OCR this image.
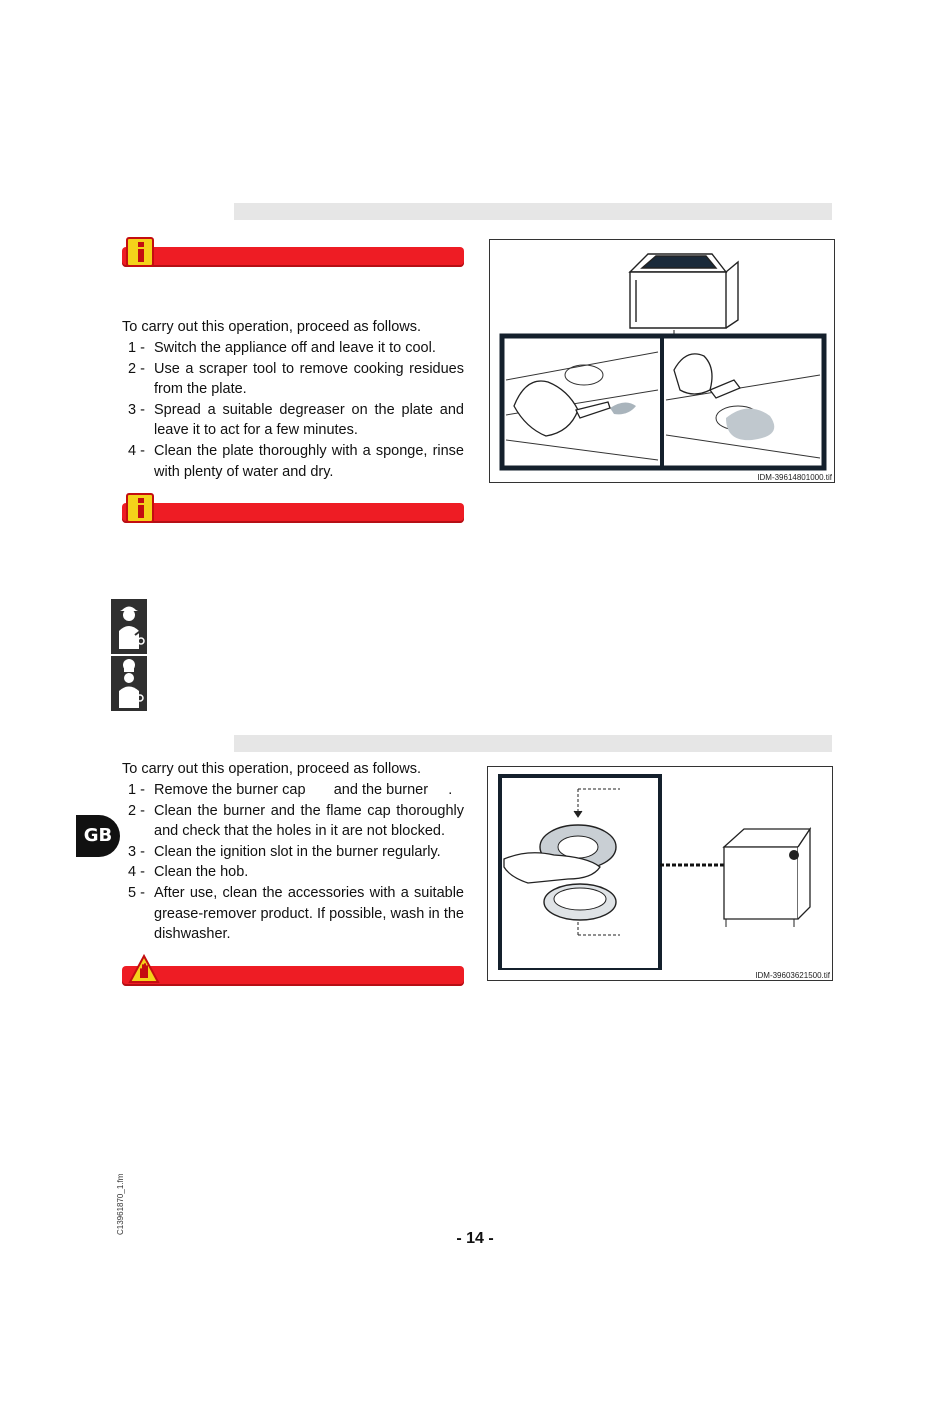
To carry out this operation, proceed as follows.
1 - Switch the appliance off and leave it to cool.
2 - Use a scraper tool to remove cooking residues from the plate.
3 - Spread a suitable degreaser on the plate and leave it to act for a few minutes.
4 - Clean the plate thoroughly with a sponge, rinse with plenty of water and dry.	IDM-39614801000.tif
To carry out this operation, proceed as follows.
1 - Remove the burner cap       and the burner     .
2 - Clean the burner and the flame cap thoroughly and check that the holes in it are not blocked.
3 - Clean the ignition slot in the burner regularly.
4 - Clean the hob.
5 - After use, clean the accessories with a suitable grease-remover product. If possible, wash in the dishwasher.
IDM-39603621500.tif
GB
C13961870_1.fm
- 14 -
